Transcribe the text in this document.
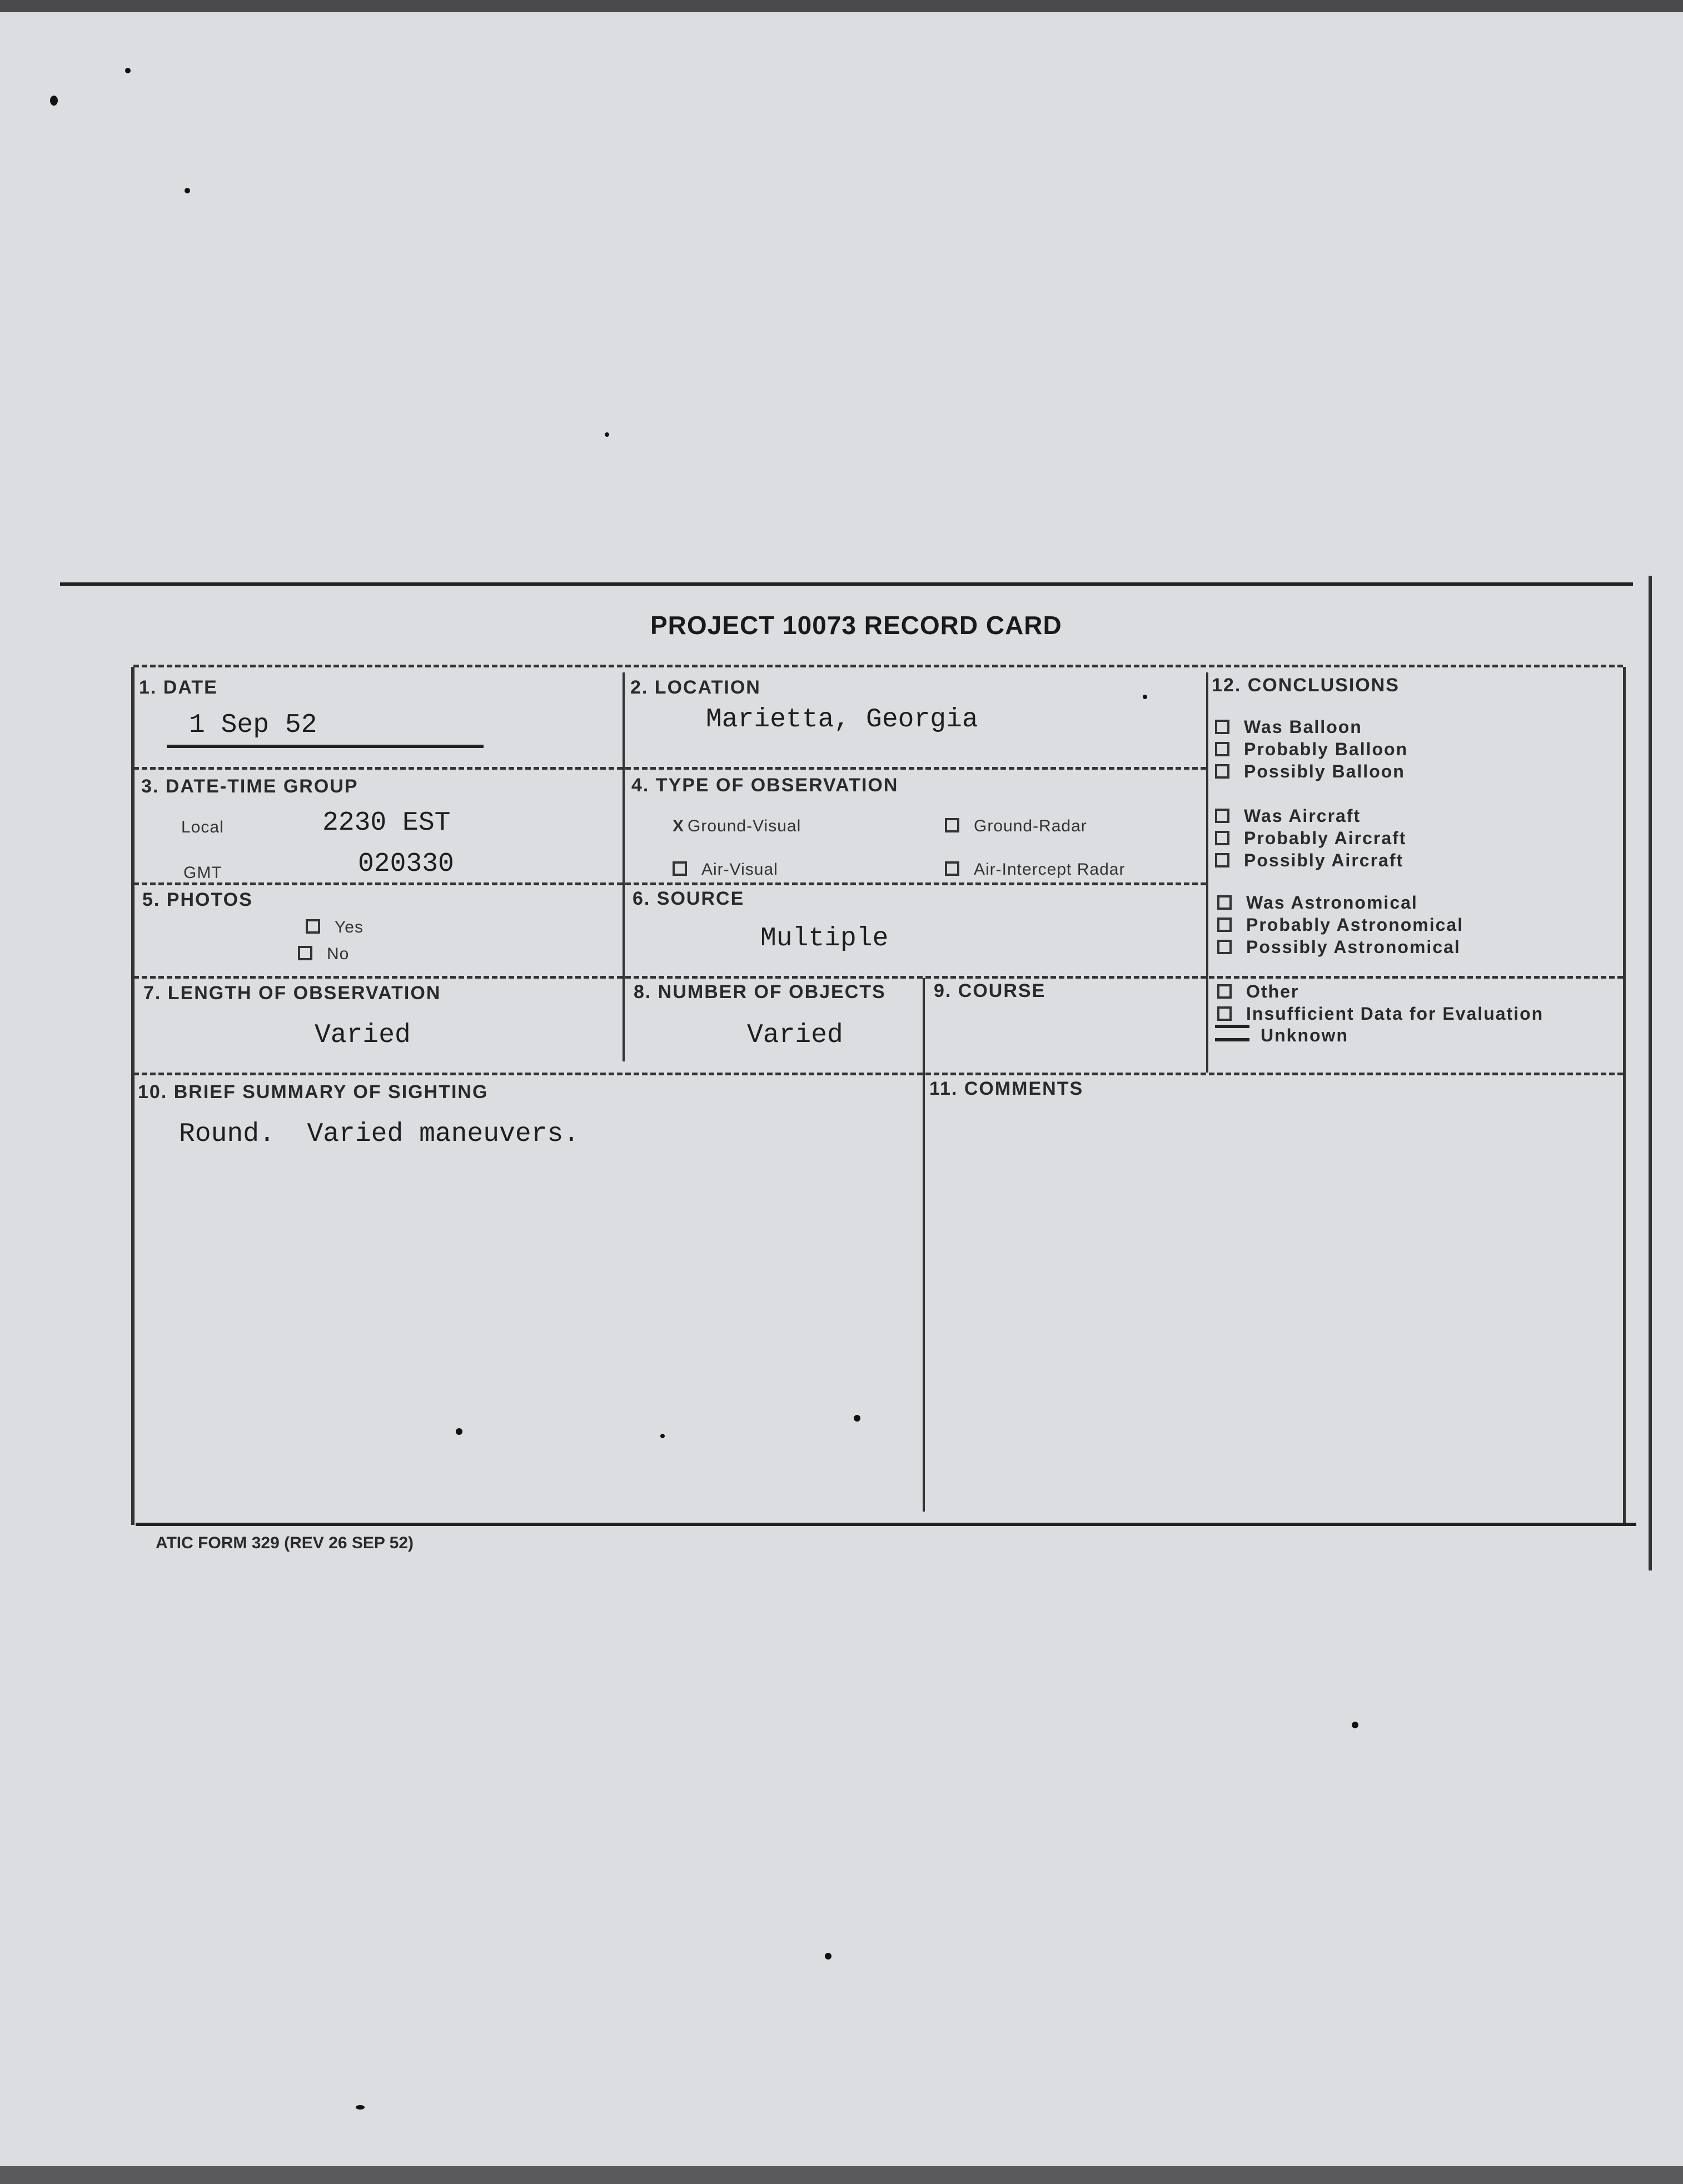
PROJECT 10073 RECORD CARD
1. DATE
1 Sep 52
2. LOCATION
Marietta, Georgia
3. DATE-TIME GROUP
Local	2230 EST
GMT	020330
4. TYPE OF OBSERVATION
X Ground-Visual	Ground-Radar
Air-Visual	Air-Intercept Radar
5. PHOTOS
Yes
No
6. SOURCE
Multiple
7. LENGTH OF OBSERVATION
Varied
8. NUMBER OF OBJECTS
Varied
9. COURSE
10. BRIEF SUMMARY OF SIGHTING
Round.  Varied maneuvers.
11. COMMENTS
12. CONCLUSIONS
Was Balloon
Probably Balloon
Possibly Balloon
Was Aircraft
Probably Aircraft
Possibly Aircraft
Was Astronomical
Probably Astronomical
Possibly Astronomical
Other
Insufficient Data for Evaluation
Unknown
ATIC FORM 329 (REV 26 SEP 52)
